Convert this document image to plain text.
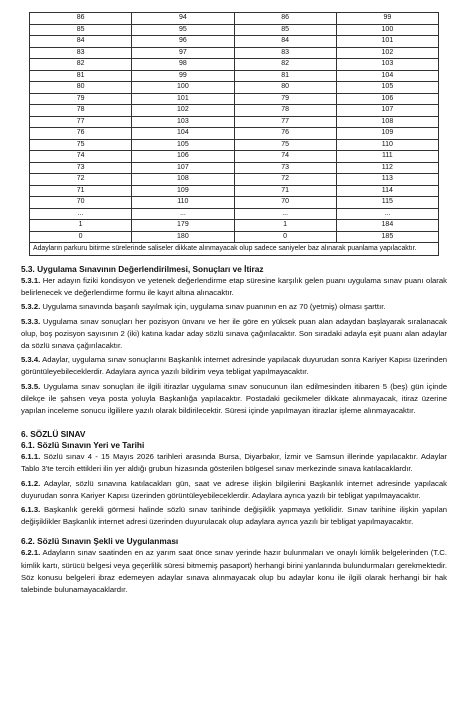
86	94	86	99
85	95	85	100
84	96	84	101
83	97	83	102
82	98	82	103
81	99	81	104
80	100	80	105
79	101	79	106
78	102	78	107
77	103	77	108
76	104	76	109
75	105	75	110
74	106	74	111
73	107	73	112
72	108	72	113
71	109	71	114
70	110	70	115
...	...	...	...
1	179	1	184
0	180	0	185
Adayların parkuru bitirme sürelerinde saliseler dikkate alınmayacak olup sadece saniyeler baz alınarak puanlama yapılacaktır.			

5.3. Uygulama Sınavının Değerlendirilmesi, Sonuçları ve İtiraz

5.3.1. Her adayın fiziki kondisyon ve yetenek değerlendirme etap süresine karşılık gelen puanı uygulama sınav puanı olarak belirlenecek ve değerlendirme formu ile kayıt altına alınacaktır.

5.3.2. Uygulama sınavında başarılı sayılmak için, uygulama sınav puanının en az 70 (yetmiş) olması şarttır.

5.3.3. Uygulama sınav sonuçları her pozisyon ünvanı ve her ile göre en yüksek puan alan adaydan başlayarak sıralanacak olup, boş pozisyon sayısının 2 (iki) katına kadar aday sözlü sınava çağırılacaktır. Son sıradaki adayla eşit puanı alan adaylar da sözlü sınava çağırılacaktır.

5.3.4. Adaylar, uygulama sınav sonuçlarını Başkanlık internet adresinde yapılacak duyurudan sonra Kariyer Kapısı üzerinden görüntüleyebileceklerdir. Adaylara ayrıca yazılı bildirim veya tebligat yapılmayacaktır.

5.3.5. Uygulama sınav sonuçları ile ilgili itirazlar uygulama sınav sonucunun ilan edilmesinden itibaren 5 (beş) gün içinde dilekçe ile şahsen veya posta yoluyla Başkanlığa yapılacaktır. Postadaki gecikmeler dikkate alınmayacak, itiraz üzerine yapılan inceleme sonucu ilgililere yazılı olarak bildirilecektir. Süresi içinde yapılmayan itirazlar işleme alınmayacaktır.

6. SÖZLÜ SINAV

6.1. Sözlü Sınavın Yeri ve Tarihi

6.1.1. Sözlü sınav 4 - 15 Mayıs 2026 tarihleri arasında Bursa, Diyarbakır, İzmir ve Samsun illerinde yapılacaktır. Adaylar Tablo 3'te tercih ettikleri ilin yer aldığı grubun hizasında gösterilen bölgesel sınav merkezinde sınava katılacaklardır.

6.1.2. Adaylar, sözlü sınavına katılacakları gün, saat ve adrese ilişkin bilgilerini Başkanlık internet adresinde yapılacak duyurudan sonra Kariyer Kapısı üzerinden görüntüleyebileceklerdir. Adaylara ayrıca yazılı bir tebligat yapılmayacaktır.

6.1.3. Başkanlık gerekli görmesi halinde sözlü sınav tarihinde değişiklik yapmaya yetkilidir. Sınav tarihine ilişkin yapılan değişiklikler Başkanlık internet adresi üzerinden duyurulacak olup adaylara ayrıca yazılı bir tebligat yapılmayacaktır.

6.2. Sözlü Sınavın Şekli ve Uygulanması

6.2.1. Adayların sınav saatinden en az yarım saat önce sınav yerinde hazır bulunmaları ve onaylı kimlik belgelerinden (T.C. kimlik kartı, sürücü belgesi veya geçerlilik süresi bitmemiş pasaport) herhangi birini yanlarında bulundurmaları gerekmektedir. Söz konusu belgeleri ibraz edemeyen adaylar sınava alınmayacak olup bu adaylar konu ile ilgili olarak herhangi bir hak talebinde bulunamayacaklardır.
